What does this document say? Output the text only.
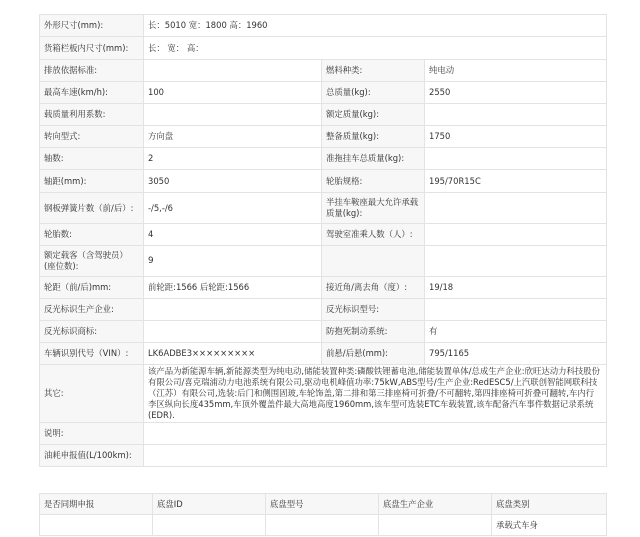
外形尺寸(mm):	长：5010 宽：1800 高：1960		
货箱栏板内尺寸(mm):	长： 宽： 高：		
排放依据标准:		燃料种类:	纯电动
最高车速(km/h):	100	总质量(kg):	2550
载质量利用系数:		额定质量(kg):	
转向型式:	方向盘	整备质量(kg):	1750
轴数:	2	准拖挂车总质量(kg):	
轴距(mm):	3050	轮胎规格:	195/70R15C
钢板弹簧片数（前/后）:	-/5,-/6	半挂车鞍座最大允许承载质量(kg):	
轮胎数:	4	驾驶室准乘人数（人）:	
额定载客（含驾驶员）(座位数):	9		
轮距（前/后)mm:	前轮距:1566 后轮距:1566	接近角/离去角（度）:	19/18
反光标识生产企业:		反光标识型号:	
反光标识商标:		防抱死制动系统:	有
车辆识别代号（VIN）:	LK6ADBE3×××××××××	前悬/后悬(mm):	795/1165
其它:	该产品为新能源车辆,新能源类型为纯电动,储能装置种类:磷酸铁锂蓄电池,储能装置单体/总成生产企业:欣旺达动力科技股份有限公司/喜克瑞浦动力电池系统有限公司,驱动电机峰值功率:75kW,ABS型号/生产企业:RedESC5/上汽联创智能网联科技（江苏）有限公司,选装:后门和侧围固玻,车轮饰盖,第二排和第三排座椅可折叠/不可翻转,第四排座椅可折叠可翻转,车内行李区纵向长度435mm,车顶外覆盖件最大高地高度1960mm,该车型可选装ETC车载装置,该车配备汽车事件数据记录系统(EDR).		
说明:			
油耗申报值(L/100km):			
是否同期申报	底盘ID	底盘型号	底盘生产企业	底盘类别
				承载式车身
